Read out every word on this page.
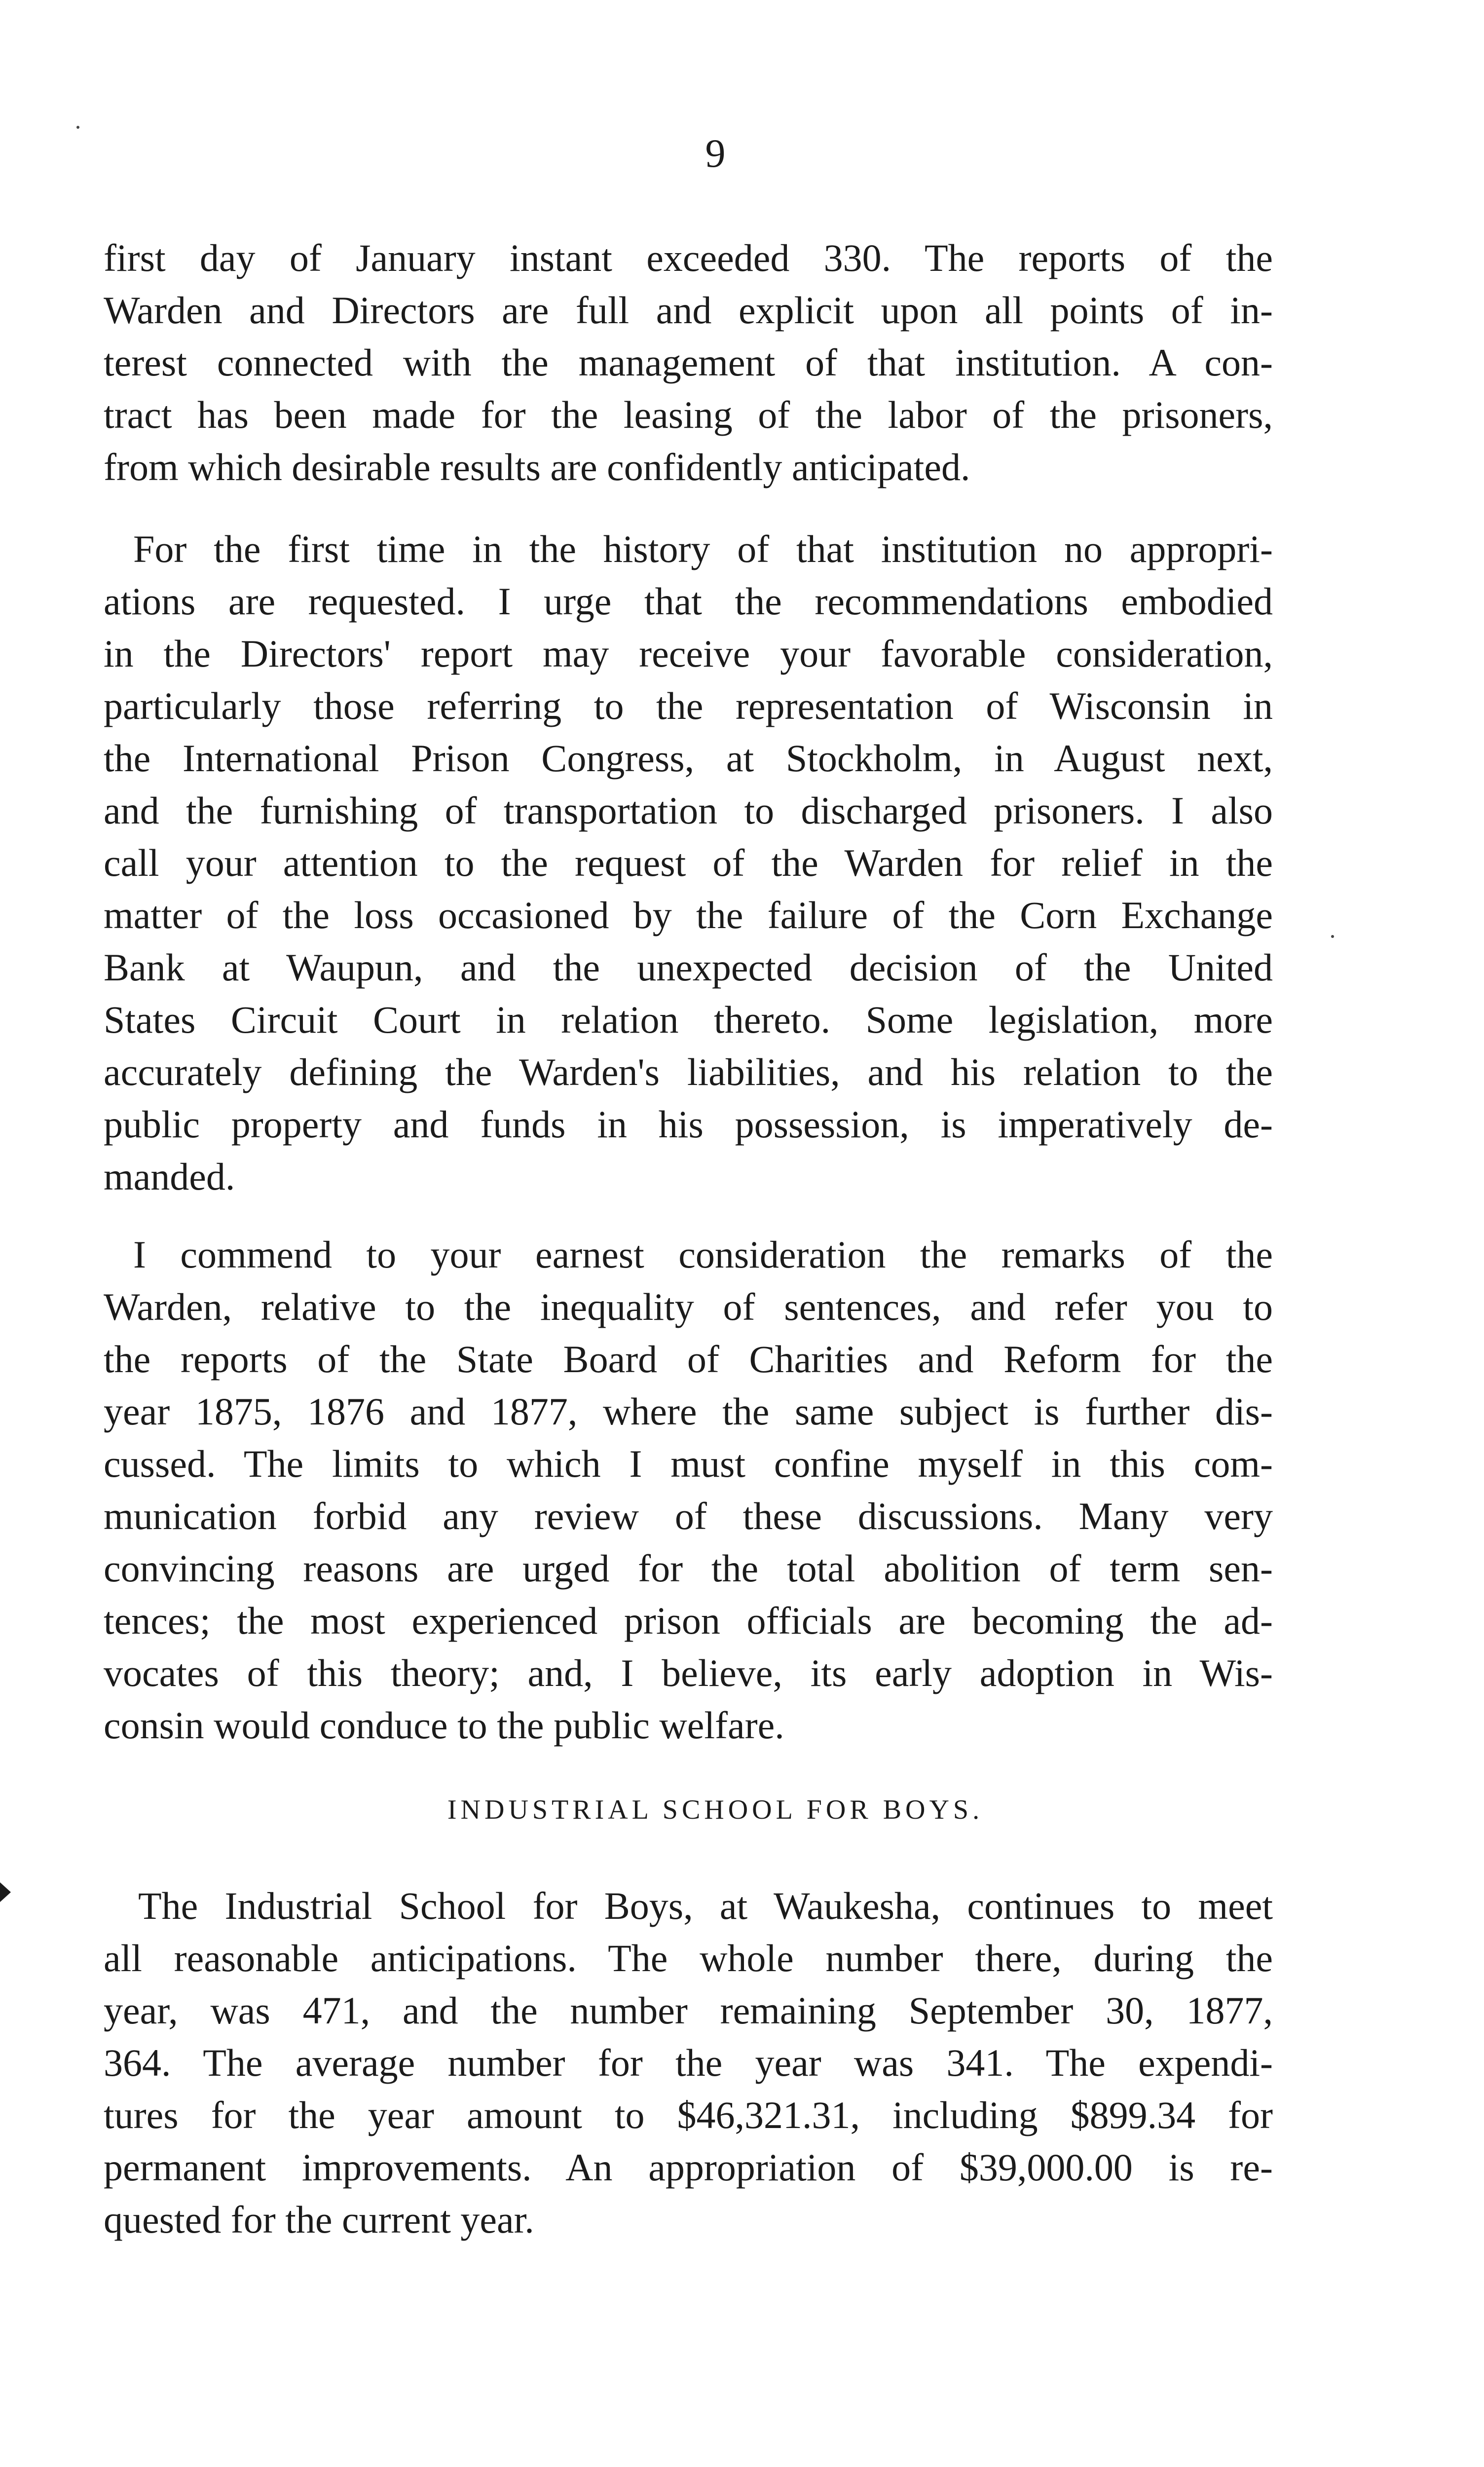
9
first day of January instant exceeded 330. The reports of the
Warden and Directors are full and explicit upon all points of in-
terest connected with the management of that institution. A con-
tract has been made for the leasing of the labor of the prisoners,
from which desirable results are confidently anticipated.
For the first time in the history of that institution no appropri-
ations are requested. I urge that the recommendations embodied
in the Directors' report may receive your favorable consideration,
particularly those referring to the representation of Wisconsin in
the International Prison Congress, at Stockholm, in August next,
and the furnishing of transportation to discharged prisoners. I also
call your attention to the request of the Warden for relief in the
matter of the loss occasioned by the failure of the Corn Exchange
Bank at Waupun, and the unexpected decision of the United
States Circuit Court in relation thereto. Some legislation, more
accurately defining the Warden's liabilities, and his relation to the
public property and funds in his possession, is imperatively de-
manded.
I commend to your earnest consideration the remarks of the
Warden, relative to the inequality of sentences, and refer you to
the reports of the State Board of Charities and Reform for the
year 1875, 1876 and 1877, where the same subject is further dis-
cussed. The limits to which I must confine myself in this com-
munication forbid any review of these discussions. Many very
convincing reasons are urged for the total abolition of term sen-
tences; the most experienced prison officials are becoming the ad-
vocates of this theory; and, I believe, its early adoption in Wis-
consin would conduce to the public welfare.
INDUSTRIAL SCHOOL FOR BOYS.
The Industrial School for Boys, at Waukesha, continues to meet
all reasonable anticipations. The whole number there, during the
year, was 471, and the number remaining September 30, 1877,
364. The average number for the year was 341. The expendi-
tures for the year amount to $46,321.31, including $899.34 for
permanent improvements. An appropriation of $39,000.00 is re-
quested for the current year.
